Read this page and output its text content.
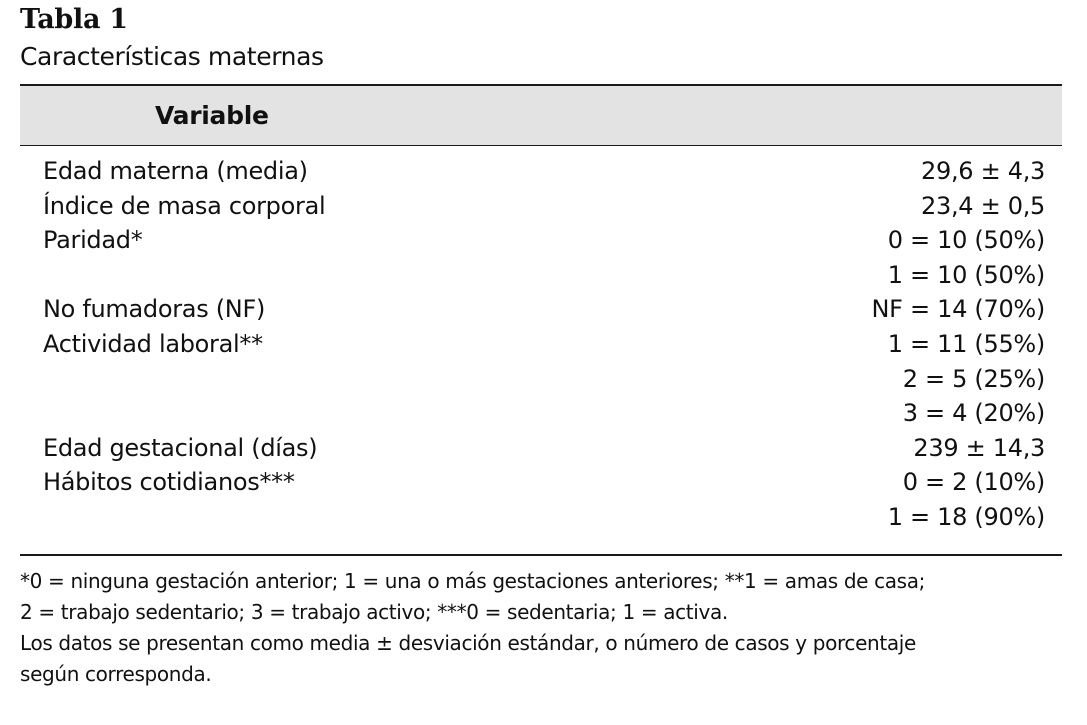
Tabla 1
Características maternas
Variable
Edad materna (media)	29,6 ± 4,3
Índice de masa corporal	23,4 ± 0,5
Paridad*	0 = 10 (50%)
1 = 10 (50%)
No fumadoras (NF)	NF = 14 (70%)
Actividad laboral**	1 = 11 (55%)
2 = 5 (25%)
3 = 4 (20%)
Edad gestacional (días)	239 ± 14,3
Hábitos cotidianos***	0 = 2 (10%)
1 = 18 (90%)
*0 = ninguna gestación anterior; 1 = una o más gestaciones anteriores; **1 = amas de casa;
2 = trabajo sedentario; 3 = trabajo activo; ***0 = sedentaria; 1 = activa.
Los datos se presentan como media ± desviación estándar, o número de casos y porcentaje
según corresponda.
